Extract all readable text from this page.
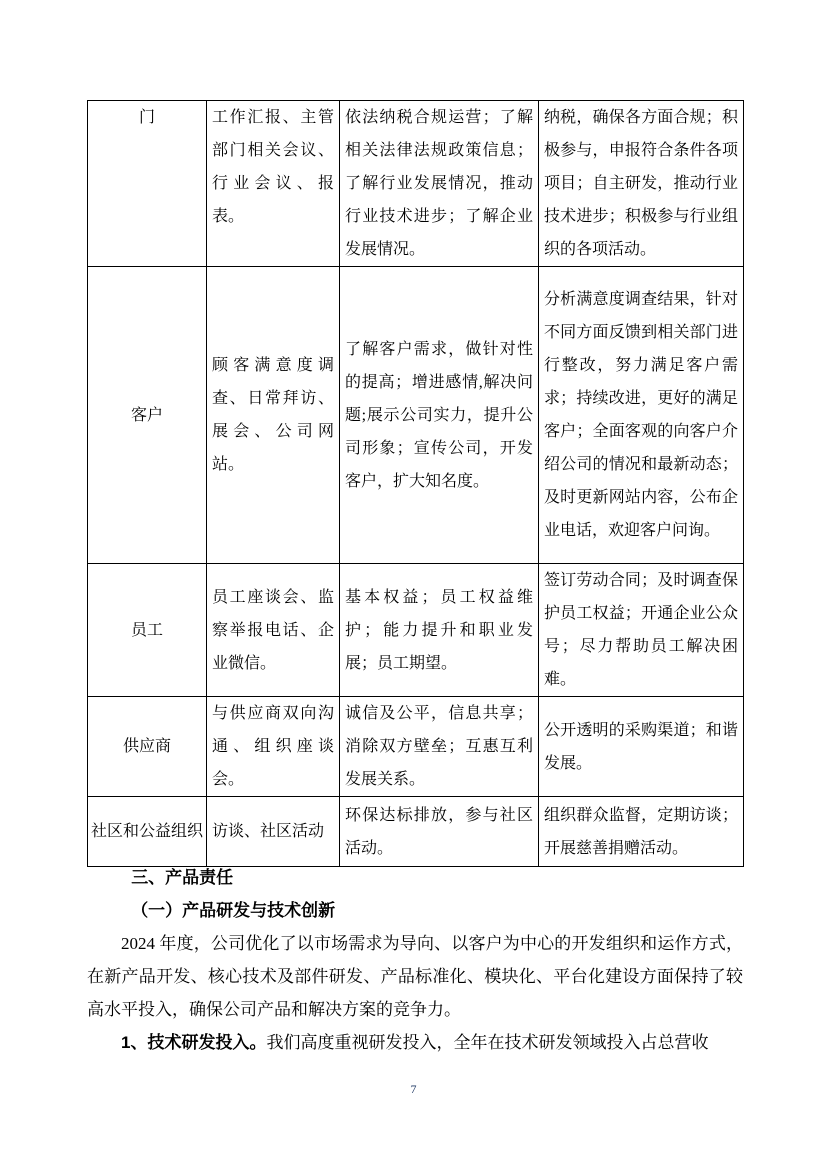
门	工作汇报、主管部门相关会议、行业会议、报表。	依法纳税合规运营；了解相关法律法规政策信息；了解行业发展情况，推动行业技术进步；了解企业发展情况。	纳税，确保各方面合规；积极参与，申报符合条件各项项目；自主研发，推动行业技术进步；积极参与行业组织的各项活动。
客户	顾客满意度调查、日常拜访、展会、公司网站。	了解客户需求，做针对性的提高；增进感情,解决问题;展示公司实力，提升公司形象；宣传公司，开发客户，扩大知名度。	分析满意度调查结果，针对不同方面反馈到相关部门进行整改，努力满足客户需求；持续改进，更好的满足客户；全面客观的向客户介绍公司的情况和最新动态；及时更新网站内容，公布企业电话，欢迎客户问询。
员工	员工座谈会、监察举报电话、企业微信。	基本权益；员工权益维护；能力提升和职业发展；员工期望。	签订劳动合同；及时调查保护员工权益；开通企业公众号；尽力帮助员工解决困难。
供应商	与供应商双向沟通、组织座谈会。	诚信及公平，信息共享；消除双方壁垒；互惠互利发展关系。	公开透明的采购渠道；和谐发展。
社区和公益组织	访谈、社区活动	环保达标排放，参与社区活动。	组织群众监督，定期访谈；开展慈善捐赠活动。

三、产品责任

（一）产品研发与技术创新

2024 年度，公司优化了以市场需求为导向、以客户为中心的开发组织和运作方式，在新产品开发、核心技术及部件研发、产品标准化、模块化、平台化建设方面保持了较高水平投入，确保公司产品和解决方案的竞争力。

1、技术研发投入。我们高度重视研发投入，全年在技术研发领域投入占总营收

7
